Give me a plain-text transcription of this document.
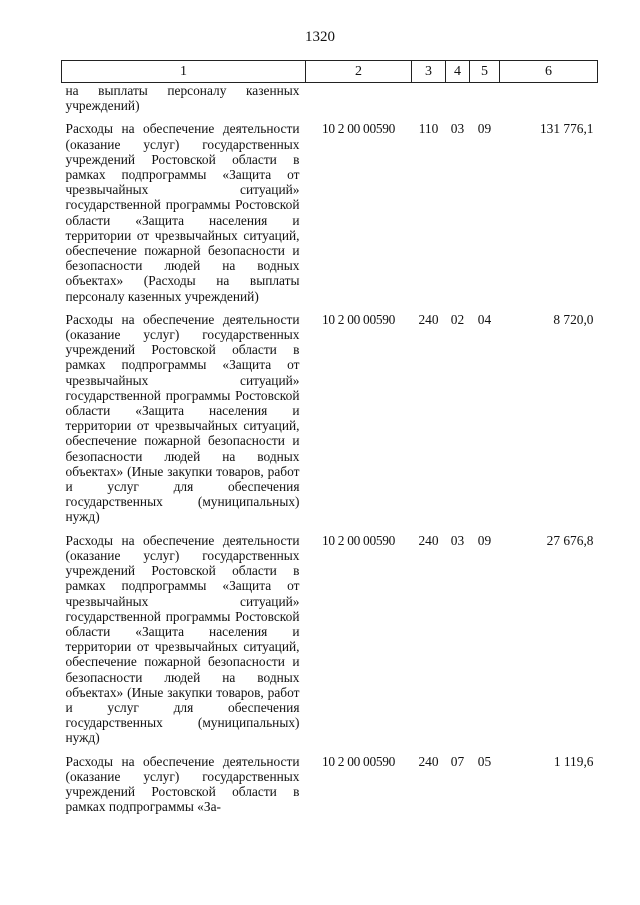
1320
1	2	3	4	5	6
на выплаты персоналу казенных учреждений)					
Расходы на обеспечение деятельности (оказание услуг) государственных учреждений Ростовской области в рамках подпрограммы «Защита от чрезвычайных ситуаций» государственной программы Ростовской области «Защита населения и территории от чрезвычайных ситуаций, обеспечение пожарной безопасности и безопасности людей на водных объектах» (Расходы на выплаты персоналу казенных учреждений)	10 2 00 00590	110	03	09	131 776,1
Расходы на обеспечение деятельности (оказание услуг) государственных учреждений Ростовской области в рамках подпрограммы «Защита от чрезвычайных ситуаций» государственной программы Ростовской области «Защита населения и территории от чрезвычайных ситуаций, обеспечение пожарной безопасности и безопасности людей на водных объектах» (Иные закупки товаров, работ и услуг для обеспечения государственных (муниципальных) нужд)	10 2 00 00590	240	02	04	8 720,0
Расходы на обеспечение деятельности (оказание услуг) государственных учреждений Ростовской области в рамках подпрограммы «Защита от чрезвычайных ситуаций» государственной программы Ростовской области «Защита населения и территории от чрезвычайных ситуаций, обеспечение пожарной безопасности и безопасности людей на водных объектах» (Иные закупки товаров, работ и услуг для обеспечения государственных (муниципальных) нужд)	10 2 00 00590	240	03	09	27 676,8
Расходы на обеспечение деятельности (оказание услуг) государственных учреждений Ростовской области в рамках подпрограммы «За-	10 2 00 00590	240	07	05	1 119,6
